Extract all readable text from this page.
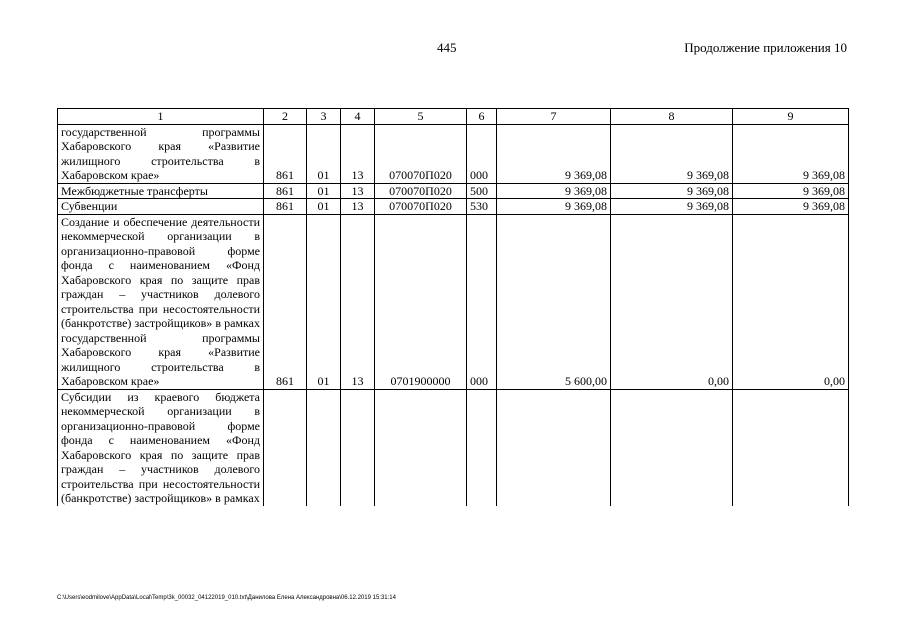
445	Продолжение приложения 10
1	2	3	4	5	6	7	8	9
государственной программы Хабаровского края «Развитие жилищного строительства в Хабаровском крае»	861	01	13	070070П020	000	9 369,08	9 369,08	9 369,08
Межбюджетные трансферты	861	01	13	070070П020	500	9 369,08	9 369,08	9 369,08
Субвенции	861	01	13	070070П020	530	9 369,08	9 369,08	9 369,08
Создание и обеспечение деятельности некоммерческой организации в организационно-правовой форме фонда с наименованием «Фонд Хабаровского края по защите прав граждан – участников долевого строительства при несостоятельности (банкротстве) застройщиков» в рамках государственной программы Хабаровского края «Развитие жилищного строительства в Хабаровском крае»	861	01	13	0701900000	000	5 600,00	0,00	0,00
Субсидии из краевого бюджета некоммерческой организации в организационно-правовой форме фонда с наименованием «Фонд Хабаровского края по защите прав граждан – участников долевого строительства при несостоятельности (банкротстве) застройщиков» в рамках								
C:\Users\eodmilove\AppData\Local\Temp\3k_00032_04122019_010.txt\Данилова Елена Александровна\06.12.2019 15:31:14
